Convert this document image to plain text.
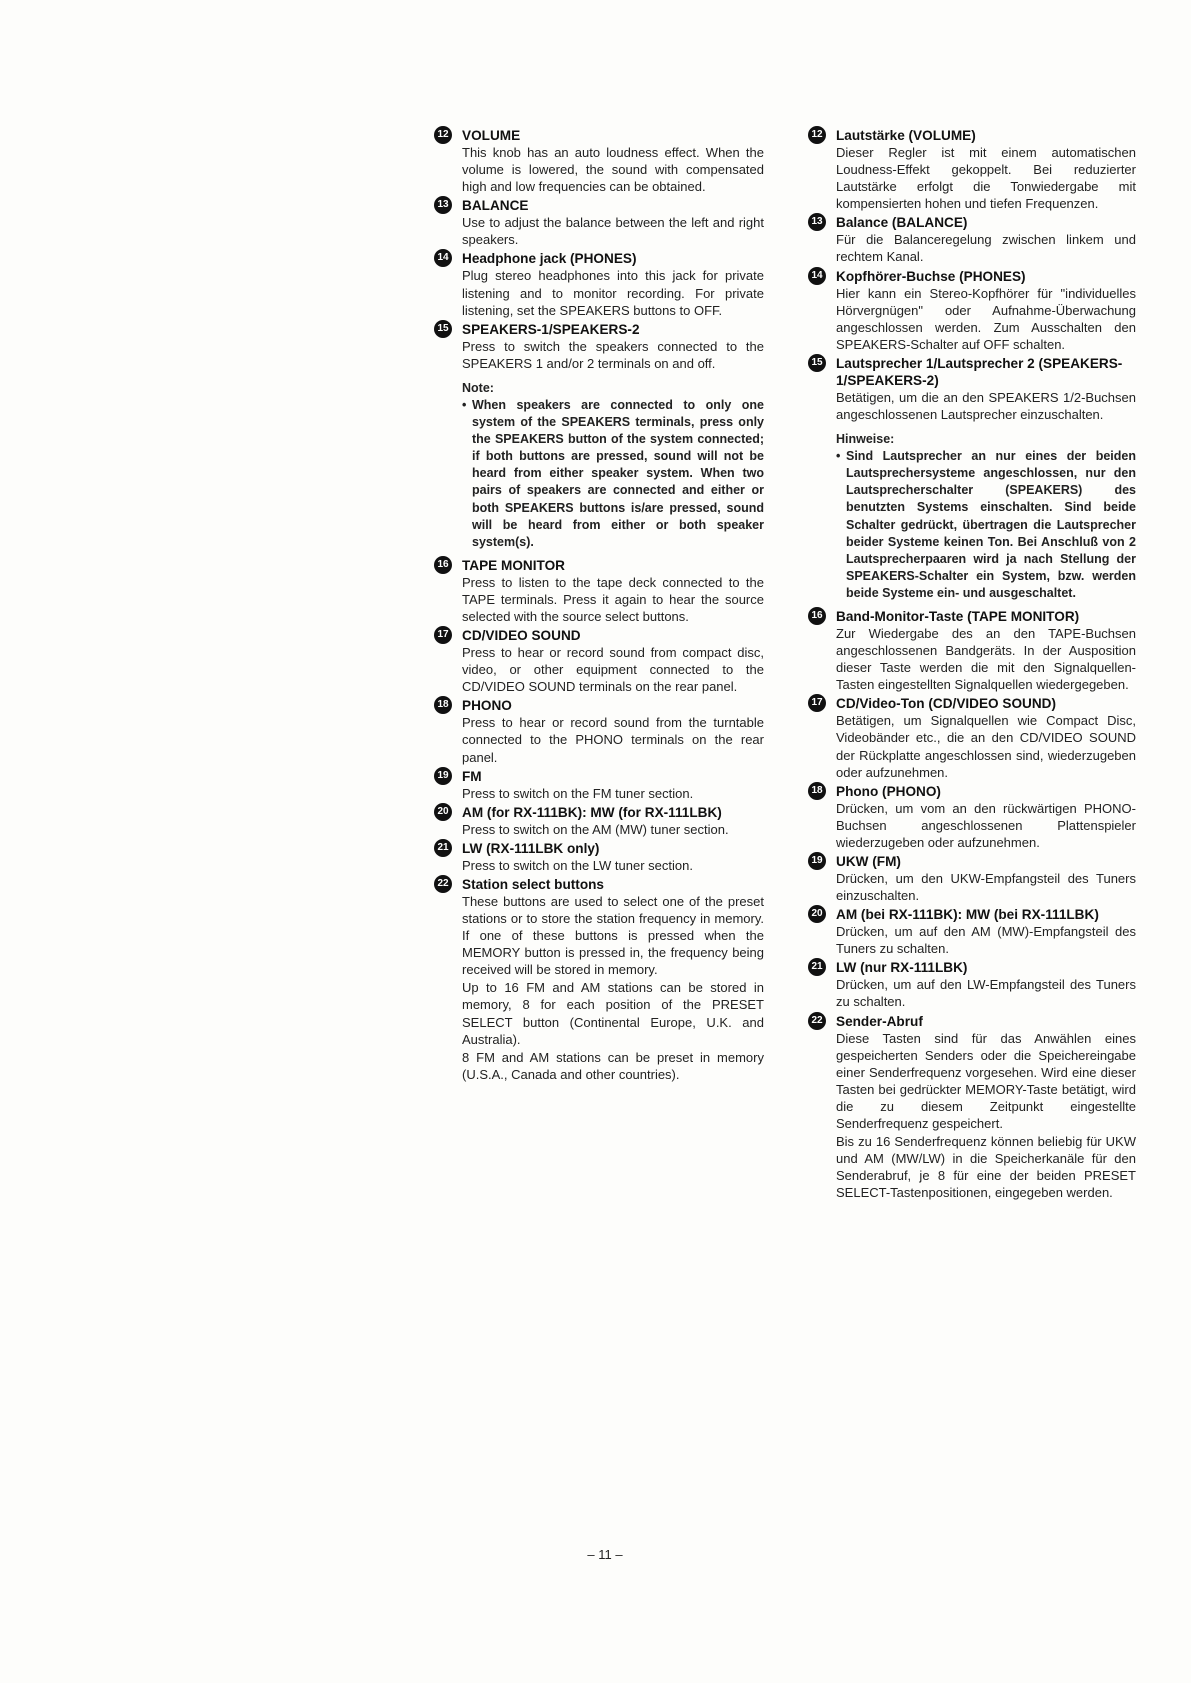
12 VOLUME
This knob has an auto loudness effect. When the volume is lowered, the sound with compensated high and low frequencies can be obtained.
13 BALANCE
Use to adjust the balance between the left and right speakers.
14 Headphone jack (PHONES)
Plug stereo headphones into this jack for private listening and to monitor recording. For private listening, set the SPEAKERS buttons to OFF.
15 SPEAKERS-1/SPEAKERS-2
Press to switch the speakers connected to the SPEAKERS 1 and/or 2 terminals on and off.
Note:
• When speakers are connected to only one system of the SPEAKERS terminals, press only the SPEAKERS button of the system connected; if both buttons are pressed, sound will not be heard from either speaker system. When two pairs of speakers are connected and either or both SPEAKERS buttons is/are pressed, sound will be heard from either or both speaker system(s).
16 TAPE MONITOR
Press to listen to the tape deck connected to the TAPE terminals. Press it again to hear the source selected with the source select buttons.
17 CD/VIDEO SOUND
Press to hear or record sound from compact disc, video, or other equipment connected to the CD/VIDEO SOUND terminals on the rear panel.
18 PHONO
Press to hear or record sound from the turntable connected to the PHONO terminals on the rear panel.
19 FM
Press to switch on the FM tuner section.
20 AM (for RX-111BK): MW (for RX-111LBK)
Press to switch on the AM (MW) tuner section.
21 LW (RX-111LBK only)
Press to switch on the LW tuner section.
22 Station select buttons
These buttons are used to select one of the preset stations or to store the station frequency in memory. If one of these buttons is pressed when the MEMORY button is pressed in, the frequency being received will be stored in memory.
Up to 16 FM and AM stations can be stored in memory, 8 for each position of the PRESET SELECT button (Continental Europe, U.K. and Australia).
8 FM and AM stations can be preset in memory (U.S.A., Canada and other countries).
12 Lautstärke (VOLUME)
Dieser Regler ist mit einem automatischen Loudness-Effekt gekoppelt. Bei reduzierter Lautstärke erfolgt die Tonwiedergabe mit kompensierten hohen und tiefen Frequenzen.
13 Balance (BALANCE)
Für die Balanceregelung zwischen linkem und rechtem Kanal.
14 Kopfhörer-Buchse (PHONES)
Hier kann ein Stereo-Kopfhörer für "individuelles Hörvergnügen" oder Aufnahme-Überwachung angeschlossen werden. Zum Ausschalten den SPEAKERS-Schalter auf OFF schalten.
15 Lautsprecher 1/Lautsprecher 2 (SPEAKERS-1/SPEAKERS-2)
Betätigen, um die an den SPEAKERS 1/2-Buchsen angeschlossenen Lautsprecher einzuschalten.
Hinweise:
• Sind Lautsprecher an nur eines der beiden Lautsprechersysteme angeschlossen, nur den Lautsprecherschalter (SPEAKERS) des benutzten Systems einschalten. Sind beide Schalter gedrückt, übertragen die Lautsprecher beider Systeme keinen Ton. Bei Anschluß von 2 Lautsprecherpaaren wird ja nach Stellung der SPEAKERS-Schalter ein System, bzw. werden beide Systeme ein- und ausgeschaltet.
16 Band-Monitor-Taste (TAPE MONITOR)
Zur Wiedergabe des an den TAPE-Buchsen angeschlossenen Bandgeräts. In der Ausposition dieser Taste werden die mit den Signalquellen-Tasten eingestellten Signalquellen wiedergegeben.
17 CD/Video-Ton (CD/VIDEO SOUND)
Betätigen, um Signalquellen wie Compact Disc, Videobänder etc., die an den CD/VIDEO SOUND der Rückplatte angeschlossen sind, wiederzugeben oder aufzunehmen.
18 Phono (PHONO)
Drücken, um vom an den rückwärtigen PHONO-Buchsen angeschlossenen Plattenspieler wiederzugeben oder aufzunehmen.
19 UKW (FM)
Drücken, um den UKW-Empfangsteil des Tuners einzuschalten.
20 AM (bei RX-111BK): MW (bei RX-111LBK)
Drücken, um auf den AM (MW)-Empfangsteil des Tuners zu schalten.
21 LW (nur RX-111LBK)
Drücken, um auf den LW-Empfangsteil des Tuners zu schalten.
22 Sender-Abruf
Diese Tasten sind für das Anwählen eines gespeicherten Senders oder die Speichereingabe einer Senderfrequenz vorgesehen. Wird eine dieser Tasten bei gedrückter MEMORY-Taste betätigt, wird die zu diesem Zeitpunkt eingestellte Senderfrequenz gespeichert.
Bis zu 16 Senderfrequenz können beliebig für UKW und AM (MW/LW) in die Speicherkanäle für den Senderabruf, je 8 für eine der beiden PRESET SELECT-Tastenpositionen, eingegeben werden.
– 11 –
